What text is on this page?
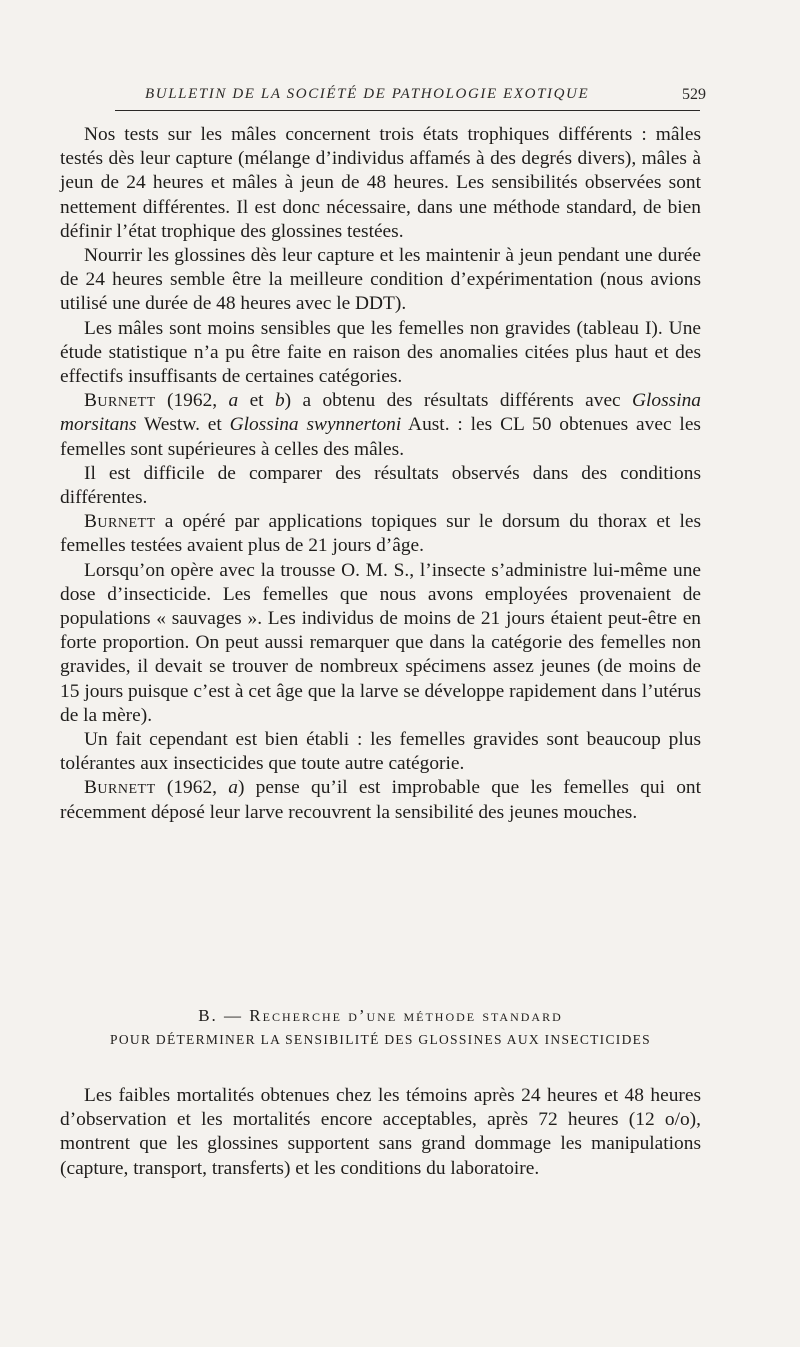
BULLETIN DE LA SOCIÉTÉ DE PATHOLOGIE EXOTIQUE	529

Nos tests sur les mâles concernent trois états trophiques différents : mâles testés dès leur capture (mélange d’individus affamés à des degrés divers), mâles à jeun de 24 heures et mâles à jeun de 48 heures. Les sensibilités observées sont nettement différentes. Il est donc nécessaire, dans une méthode standard, de bien définir l’état trophique des glossines testées.

Nourrir les glossines dès leur capture et les maintenir à jeun pendant une durée de 24 heures semble être la meilleure condition d’expérimentation (nous avions utilisé une durée de 48 heures avec le DDT).

Les mâles sont moins sensibles que les femelles non gravides (tableau I). Une étude statistique n’a pu être faite en raison des anomalies citées plus haut et des effectifs insuffisants de certaines catégories.

Burnett (1962, a et b) a obtenu des résultats différents avec Glossina morsitans Westw. et Glossina swynnertoni Aust. : les CL 50 obtenues avec les femelles sont supérieures à celles des mâles.

Il est difficile de comparer des résultats observés dans des conditions différentes.

Burnett a opéré par applications topiques sur le dorsum du thorax et les femelles testées avaient plus de 21 jours d’âge.

Lorsqu’on opère avec la trousse O. M. S., l’insecte s’administre lui-même une dose d’insecticide. Les femelles que nous avons employées provenaient de populations « sauvages ». Les individus de moins de 21 jours étaient peut-être en forte proportion. On peut aussi remarquer que dans la catégorie des femelles non gravides, il devait se trouver de nombreux spécimens assez jeunes (de moins de 15 jours puisque c’est à cet âge que la larve se développe rapidement dans l’utérus de la mère).

Un fait cependant est bien établi : les femelles gravides sont beaucoup plus tolérantes aux insecticides que toute autre catégorie.

Burnett (1962, a) pense qu’il est improbable que les femelles qui ont récemment déposé leur larve recouvrent la sensibilité des jeunes mouches.

B. — Recherche d’une méthode standard
POUR DÉTERMINER LA SENSIBILITÉ DES GLOSSINES AUX INSECTICIDES

Les faibles mortalités obtenues chez les témoins après 24 heures et 48 heures d’observation et les mortalités encore acceptables, après 72 heures (12 o/o), montrent que les glossines supportent sans grand dommage les manipulations (capture, transport, transferts) et les conditions du laboratoire.
